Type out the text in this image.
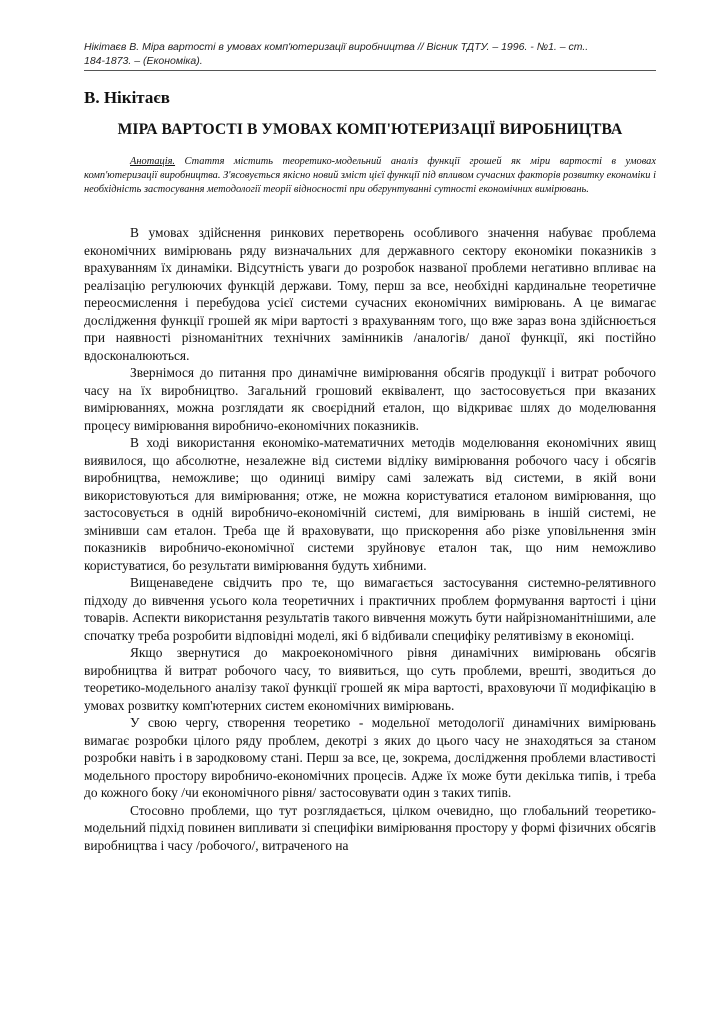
Нікітаєв В. Міра вартості в умовах комп'ютеризації виробництва // Вісник ТДТУ. – 1996. - №1. – ст..
184-1873. – (Економіка).
В. Нікітаєв
МІРА ВАРТОСТІ В УМОВАХ КОМП'ЮТЕРИЗАЦІЇ ВИРОБНИЦТВА
Анотація. Стаття містить теоретико-модельний аналіз функції грошей як міри вартості в умовах комп'ютеризації виробництва. З'ясовується якісно новий зміст цієї функції під впливом сучасних факторів розвитку економіки і необхідність застосування методології теорії відносності при обгрунтуванні сутності економічних вимірювань.

В умовах здійснення ринкових перетворень особливого значення набуває проблема економічних вимірювань ряду визначальних для державного сектору економіки показників з врахуванням їх динаміки. Відсутність уваги до розробок названої проблеми негативно впливає на реалізацію регулюючих функцій держави. Тому, перш за все, необхідні кардинальне теоретичне переосмислення і перебудова усієї системи сучасних економічних вимірювань. А це вимагає дослідження функції грошей як міри вартості з врахуванням того, що вже зараз вона здійснюється при наявності різноманітних технічних замінників /аналогів/ даної функції, які постійно вдосконалюються.

Звернімося до питання про динамічне вимірювання обсягів продукції і витрат робочого часу на їх виробництво. Загальний грошовий еквівалент, що застосовується при вказаних вимірюваннях, можна розглядати як своєрідний еталон, що відкриває шлях до моделювання процесу вимірювання виробничо-економічних показників.

В ході використання економіко-математичних методів моделювання економічних явищ виявилося, що абсолютне, незалежне від системи відліку вимірювання робочого часу і обсягів виробництва, неможливе; що одиниці виміру самі залежать від системи, в якій вони використовуються для вимірювання; отже, не можна користуватися еталоном вимірювання, що застосовується в одній виробничо-економічній системі, для вимірювань в іншій системі, не змінивши сам еталон. Треба ще й враховувати, що прискорення або різке уповільнення змін показників виробничо-економічної системи зруйновує еталон так, що ним неможливо користуватися, бо результати вимірювання будуть хибними.

Вищенаведене свідчить про те, що вимагається застосування системно-релятивного підходу до вивчення усього кола теоретичних і практичних проблем формування вартості і ціни товарів. Аспекти використання результатів такого вивчення можуть бути найрізноманітнішими, але спочатку треба розробити відповідні моделі, які б відбивали специфіку релятивізму в економіці.

Якщо звернутися до макроекономічного рівня динамічних вимірювань обсягів виробництва й витрат робочого часу, то виявиться, що суть проблеми, врешті, зводиться до теоретико-модельного аналізу такої функції грошей як міра вартості, враховуючи її модифікацію в умовах розвитку комп'ютерних систем економічних вимірювань.

У свою чергу, створення теоретико - модельної методології динамічних вимірювань вимагає розробки цілого ряду проблем, декотрі з яких до цього часу не знаходяться за станом розробки навіть і в зародковому стані. Перш за все, це, зокрема, дослідження проблеми властивості модельного простору виробничо-економічних процесів. Адже їх може бути декілька типів, і треба до кожного боку /чи економічного рівня/ застосовувати один з таких типів.

Стосовно проблеми, що тут розглядається, цілком очевидно, що глобальний теоретико-модельний підхід повинен випливати зі специфіки вимірювання простору у формі фізичних обсягів виробництва і часу /робочого/, витраченого на
